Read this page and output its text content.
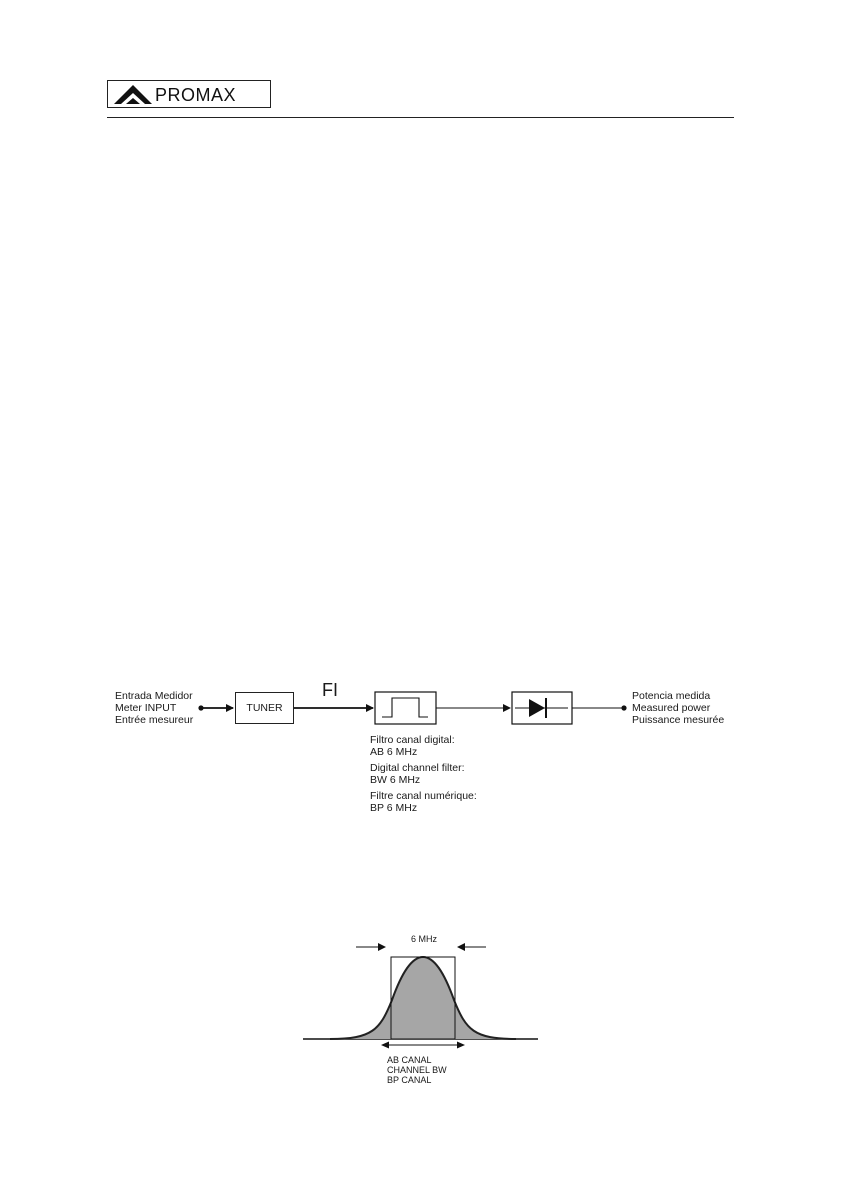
PROMAX
Entrada Medidor
Meter INPUT
Entrée mesureur
TUNER
FI
Filtro canal digital:
AB 6 MHz
Digital channel filter:
BW 6 MHz
Filtre canal numérique:
BP 6 MHz
Potencia medida
Measured power
Puissance mesurée
6 MHz
AB CANAL
CHANNEL BW
BP CANAL
